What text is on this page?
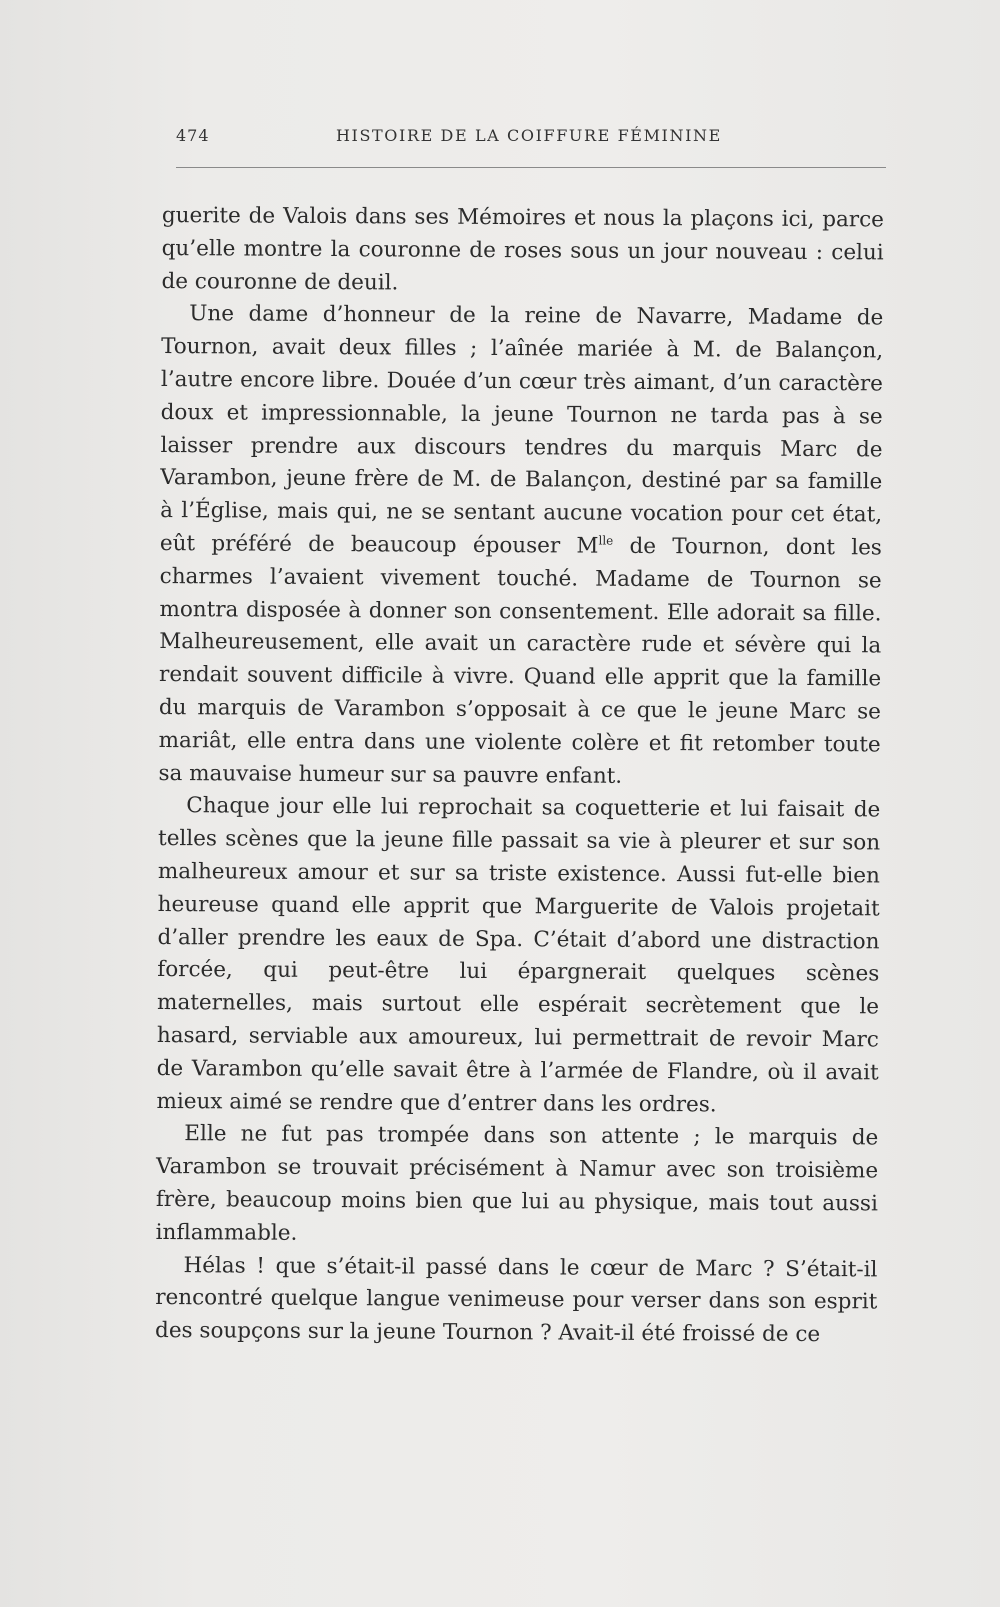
474	HISTOIRE DE LA COIFFURE FÉMININE

guerite de Valois dans ses Mémoires et nous la plaçons ici, parce qu’elle montre la couronne de roses sous un jour nouveau : celui de couronne de deuil.

Une dame d’honneur de la reine de Navarre, Madame de Tournon, avait deux filles ; l’aînée mariée à M. de Balançon, l’autre encore libre. Douée d’un cœur très aimant, d’un caractère doux et impressionnable, la jeune Tournon ne tarda pas à se laisser prendre aux discours tendres du marquis Marc de Varambon, jeune frère de M. de Balançon, destiné par sa famille à l’Église, mais qui, ne se sentant aucune vocation pour cet état, eût préféré de beaucoup épouser $M^{lle}$ de Tournon, dont les charmes l’avaient vivement touché. Madame de Tournon se montra disposée à donner son consentement. Elle adorait sa fille. Malheureusement, elle avait un caractère rude et sévère qui la rendait souvent difficile à vivre. Quand elle apprit que la famille du marquis de Varambon s’opposait à ce que le jeune Marc se mariât, elle entra dans une violente colère et fit retomber toute sa mauvaise humeur sur sa pauvre enfant.

Chaque jour elle lui reprochait sa coquetterie et lui faisait de telles scènes que la jeune fille passait sa vie à pleurer et sur son malheureux amour et sur sa triste existence. Aussi fut-elle bien heureuse quand elle apprit que Marguerite de Valois projetait d’aller prendre les eaux de Spa. C’était d’abord une distraction forcée, qui peut-être lui épargnerait quelques scènes maternelles, mais surtout elle espérait secrètement que le hasard, serviable aux amoureux, lui permettrait de revoir Marc de Varambon qu’elle savait être à l’armée de Flandre, où il avait mieux aimé se rendre que d’entrer dans les ordres.

Elle ne fut pas trompée dans son attente ; le marquis de Varambon se trouvait précisément à Namur avec son troisième frère, beaucoup moins bien que lui au physique, mais tout aussi inflammable.

Hélas ! que s’était-il passé dans le cœur de Marc ? S’était-il rencontré quelque langue venimeuse pour verser dans son esprit des soupçons sur la jeune Tournon ? Avait-il été froissé de ce
